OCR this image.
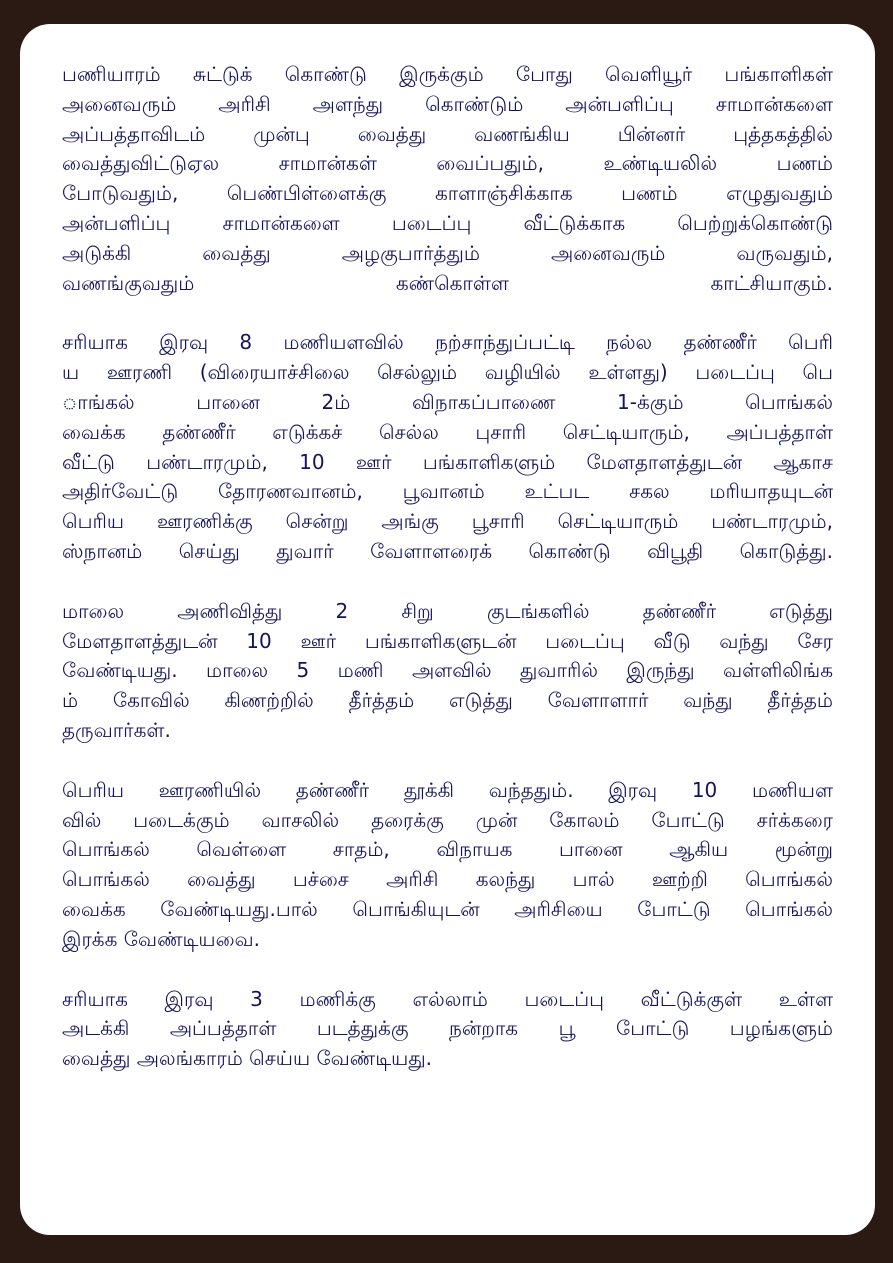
பணியாரம் சுட்டுக் கொண்டு இருக்கும் போது வெளியூர் பங்காளிகள்
அனைவரும் அரிசி அளந்து கொண்டும் அன்பளிப்பு சாமான்களை
அப்பத்தாவிடம் முன்பு வைத்து வணங்கிய பின்னர் புத்தகத்தில்
வைத்துவிட்டுஏல சாமான்கள் வைப்பதும், உண்டியலில் பணம்
போடுவதும், பெண்பிள்ளைக்கு காளாஞ்சிக்காக பணம் எழுதுவதும்
அன்பளிப்பு சாமான்களை படைப்பு வீட்டுக்காக பெற்றுக்கொண்டு
அடுக்கி வைத்து அழகுபார்த்தும் அனைவரும் வருவதும்,
வணங்குவதும் கண்கொள்ள காட்சியாகும்.
சரியாக இரவு 8 மணியளவில் நற்சாந்துப்பட்டி நல்ல தண்ணீர் பெரி
ய ஊரணி (விரையாச்சிலை செல்லும் வழியில் உள்ளது) படைப்பு பெ
ாங்கல் பானை 2ம் விநாகப்பாணை 1-க்கும் பொங்கல்
வைக்க தண்ணீர் எடுக்கச் செல்ல புசாரி செட்டியாரும், அப்பத்தாள்
வீட்டு பண்டாரமும், 10 ஊர் பங்காளிகளும் மேளதாளத்துடன் ஆகாச
அதிர்வேட்டு தோரணவானம், பூவானம் உட்பட சகல மரியாதயுடன்
பெரிய ஊரணிக்கு சென்று அங்கு பூசாரி செட்டியாரும் பண்டாரமும்,
ஸ்நானம் செய்து துவார் வேளாளரைக் கொண்டு விபூதி கொடுத்து.
மாலை அணிவித்து 2 சிறு குடங்களில் தண்ணீர் எடுத்து
மேளதாளத்துடன் 10 ஊர் பங்காளிகளுடன் படைப்பு வீடு வந்து சேர
வேண்டியது. மாலை 5 மணி அளவில் துவாரில் இருந்து வள்ளிலிங்க
ம் கோவில் கிணற்றில் தீர்த்தம் எடுத்து வேளாளார் வந்து தீர்த்தம்
தருவார்கள்.
பெரிய ஊரணியில் தண்ணீர் தூக்கி வந்ததும். இரவு 10 மணியள
வில் படைக்கும் வாசலில் தரைக்கு முன் கோலம் போட்டு சர்க்கரை
பொங்கல் வெள்ளை சாதம், விநாயக பானை ஆகிய மூன்று
பொங்கல் வைத்து பச்சை அரிசி கலந்து பால் ஊற்றி பொங்கல்
வைக்க வேண்டியது.பால் பொங்கியுடன் அரிசியை போட்டு பொங்கல்
இரக்க வேண்டியவை.
சரியாக இரவு 3 மணிக்கு எல்லாம் படைப்பு வீட்டுக்குள் உள்ள
அடக்கி அப்பத்தாள் படத்துக்கு நன்றாக பூ போட்டு பழங்களும்
வைத்து அலங்காரம் செய்ய வேண்டியது.
